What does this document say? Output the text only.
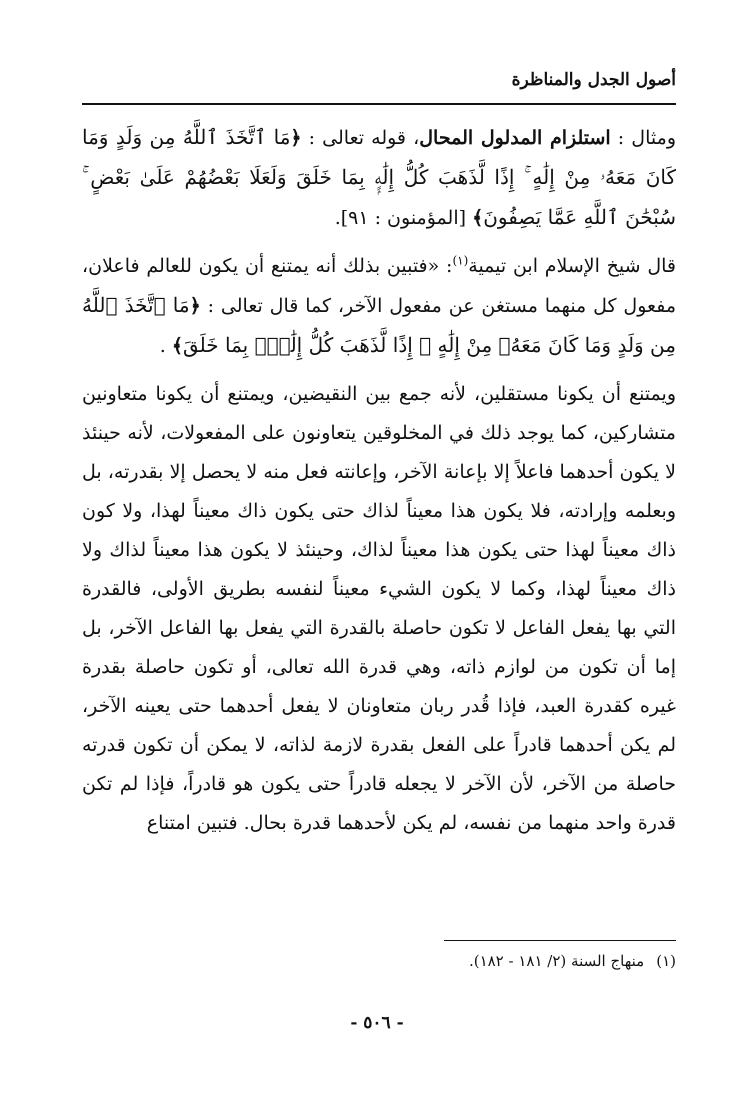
أصول الجدل والمناظرة

ومثال : استلزام المدلول المحال، قوله تعالى : ﴿مَا ٱتَّخَذَ ٱللَّهُ مِن وَلَدٍ وَمَا كَانَ مَعَهُۥ مِنْ إِلَٰهٍ ۚ إِذًا لَّذَهَبَ كُلُّ إِلَٰهٍۭ بِمَا خَلَقَ وَلَعَلَا بَعْضُهُمْ عَلَىٰ بَعْضٍ ۚ سُبْحَٰنَ ٱللَّهِ عَمَّا يَصِفُونَ﴾ [المؤمنون : ٩١].

قال شيخ الإسلام ابن تيمية$^{(١)}$: «فتبين بذلك أنه يمتنع أن يكون للعالم فاعلان، مفعول كل منهما مستغن عن مفعول الآخر، كما قال تعالى : ﴿مَا ٱتَّخَذَ ٱللَّهُ مِن وَلَدٍ وَمَا كَانَ مَعَهُۥ مِنْ إِلَٰهٍ ۚ إِذًا لَّذَهَبَ كُلُّ إِلَٰهٍۭ بِمَا خَلَقَ﴾ .

ويمتنع أن يكونا مستقلين، لأنه جمع بين النقيضين، ويمتنع أن يكونا متعاونين متشاركين، كما يوجد ذلك في المخلوقين يتعاونون على المفعولات، لأنه حينئذ لا يكون أحدهما فاعلاً إلا بإعانة الآخر، وإعانته فعل منه لا يحصل إلا بقدرته، بل وبعلمه وإرادته، فلا يكون هذا معيناً لذاك حتى يكون ذاك معيناً لهذا، ولا كون ذاك معيناً لهذا حتى يكون هذا معيناً لذاك، وحينئذ لا يكون هذا معيناً لذاك ولا ذاك معيناً لهذا، وكما لا يكون الشيء معيناً لنفسه بطريق الأولى، فالقدرة التي بها يفعل الفاعل لا تكون حاصلة بالقدرة التي يفعل بها الفاعل الآخر، بل إما أن تكون من لوازم ذاته، وهي قدرة الله تعالى، أو تكون حاصلة بقدرة غيره كقدرة العبد، فإذا قُدر ربان متعاونان لا يفعل أحدهما حتى يعينه الآخر، لم يكن أحدهما قادراً على الفعل بقدرة لازمة لذاته، لا يمكن أن تكون قدرته حاصلة من الآخر، لأن الآخر لا يجعله قادراً حتى يكون هو قادراً، فإذا لم تكن قدرة واحد منهما من نفسه، لم يكن لأحدهما قدرة بحال. فتبين امتناع

(١)منهاج السنة (٢/ ١٨١ - ١٨٢).
- ٥٠٦ -
